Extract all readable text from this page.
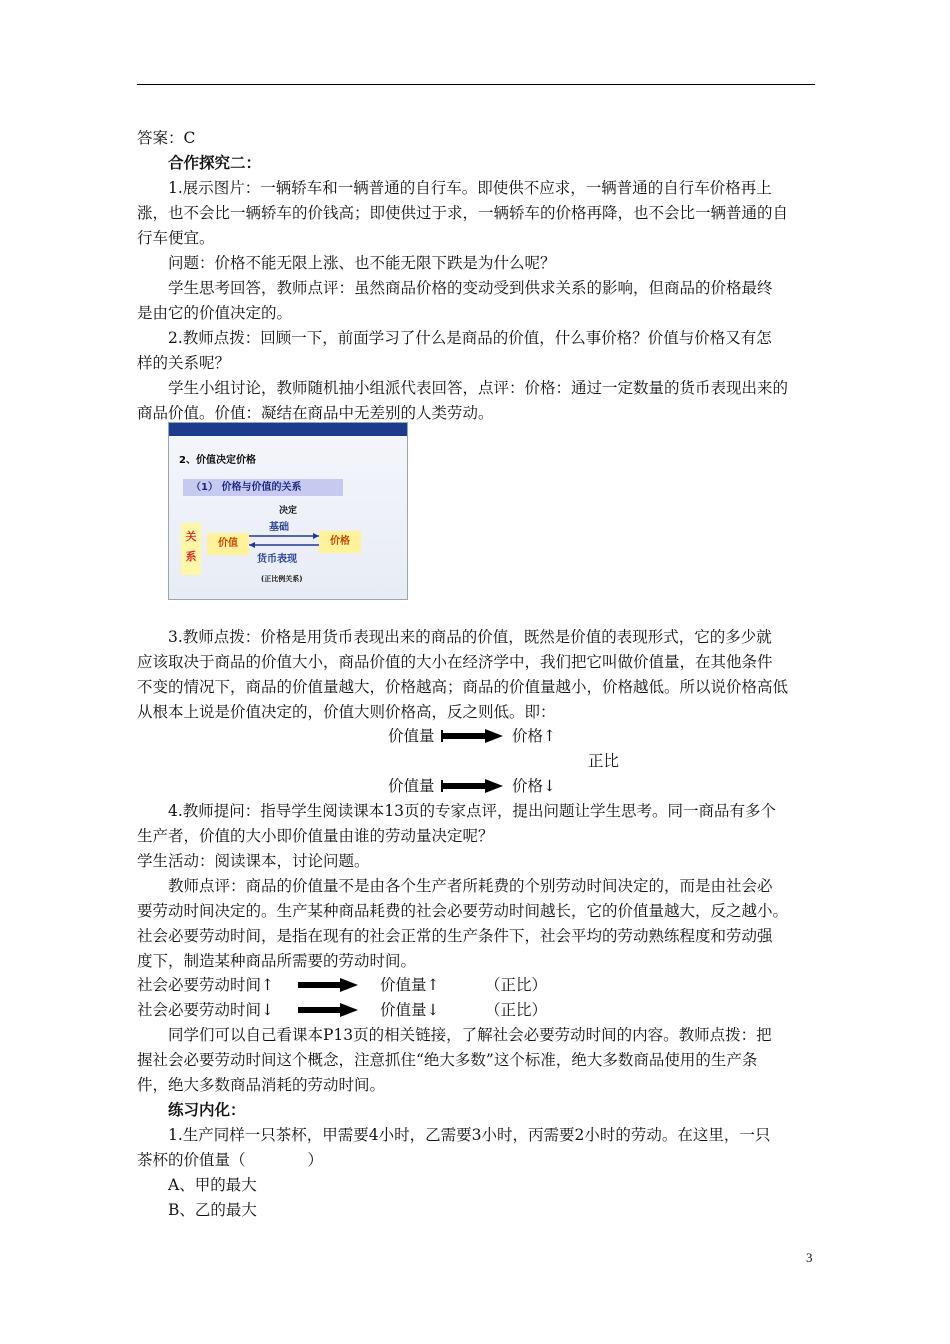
答案：C
合作探究二：
1.展示图片：一辆轿车和一辆普通的自行车。即使供不应求，一辆普通的自行车价格再上
涨，也不会比一辆轿车的价钱高；即使供过于求，一辆轿车的价格再降，也不会比一辆普通的自
行车便宜。
问题：价格不能无限上涨、也不能无限下跌是为什么呢？
学生思考回答，教师点评：虽然商品价格的变动受到供求关系的影响，但商品的价格最终
是由它的价值决定的。
2.教师点拨：回顾一下，前面学习了什么是商品的价值，什么事价格？价值与价格又有怎
样的关系呢？
学生小组讨论，教师随机抽小组派代表回答，点评：价格：通过一定数量的货币表现出来的
商品价值。价值：凝结在商品中无差别的人类劳动。
2、价值决定价格
（1） 价格与价值的关系
决定
关
系
价值	价格
基础
货币表现
(正比例关系)
3.教师点拨：价格是用货币表现出来的商品的价值，既然是价值的表现形式，它的多少就
应该取决于商品的价值大小，商品价值的大小在经济学中，我们把它叫做价值量，在其他条件
不变的情况下，商品的价值量越大，价格越高；商品的价值量越小，价格越低。所以说价格高低
从根本上说是价值决定的，价值大则价格高，反之则低。即：
价值量	价格↑
正比
价值量	价格↓
4.教师提问：指导学生阅读课本13页的专家点评，提出问题让学生思考。同一商品有多个
生产者，价值的大小即价值量由谁的劳动量决定呢？
学生活动：阅读课本，讨论问题。
教师点评：商品的价值量不是由各个生产者所耗费的个别劳动时间决定的，而是由社会必
要劳动时间决定的。生产某种商品耗费的社会必要劳动时间越长，它的价值量越大，反之越小。
社会必要劳动时间，是指在现有的社会正常的生产条件下，社会平均的劳动熟练程度和劳动强
度下，制造某种商品所需要的劳动时间。
社会必要劳动时间↑	价值量↑	（正比）
社会必要劳动时间↓	价值量↓	（正比）
同学们可以自己看课本P13页的相关链接，了解社会必要劳动时间的内容。教师点拨：把
握社会必要劳动时间这个概念，注意抓住“绝大多数”这个标准，绝大多数商品使用的生产条
件，绝大多数商品消耗的劳动时间。
练习内化：
1.生产同样一只茶杯，甲需要4小时，乙需要3小时，丙需要2小时的劳动。在这里，一只
茶杯的价值量（　　　　）
A、甲的最大
B、乙的最大
3
